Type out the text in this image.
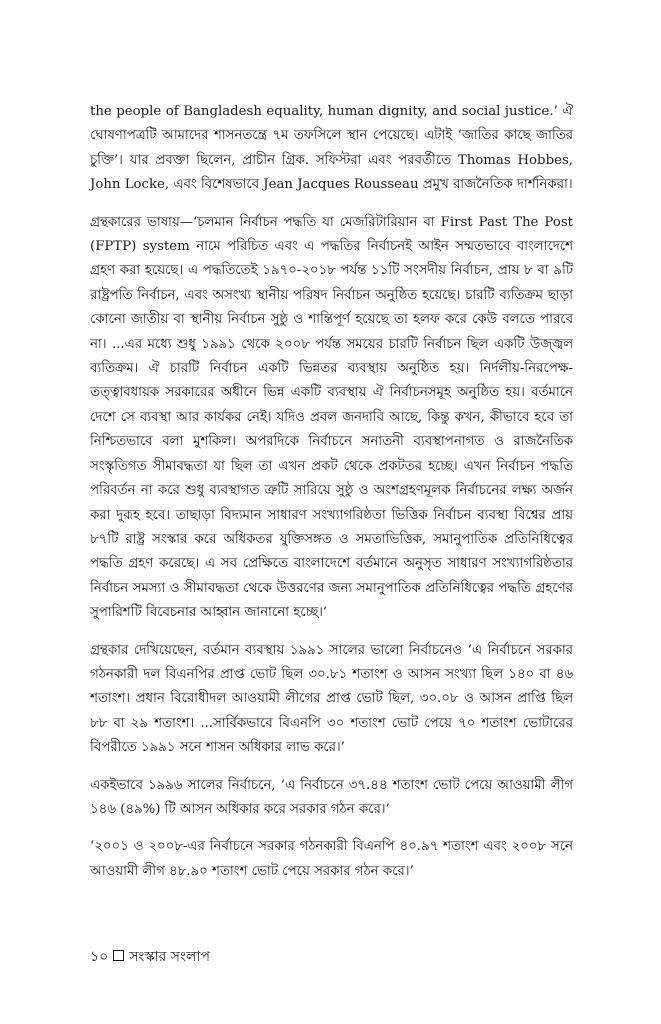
the people of Bangladesh equality, human dignity, and social justice.’ ঐ ঘোষণাপত্রটি আমাদের শাসনতন্ত্রে ৭ম তফসিলে স্থান পেয়েছে। এটাই ‘জাতির কাছে জাতির চুক্তি’। যার প্রবক্তা ছিলেন, প্রাচীন গ্রিক. সফিস্টরা এবং পরবর্তীতে Thomas Hobbes, John Locke, এবং বিশেষভাবে Jean Jacques Rousseau প্রমুখ রাজনৈতিক দার্শনিকরা।

গ্রন্থকারের ভাষায়—‘চলমান নির্বাচন পদ্ধতি যা মেজরিটারিয়ান বা First Past The Post (FPTP) system নামে পরিচিত এবং এ পদ্ধতির নির্বাচনই আইন সম্মতভাবে বাংলাদেশে গ্রহণ করা হয়েছে। এ পদ্ধতিতেই ১৯৭০-২০১৮ পর্যন্ত ১১টি সংসদীয় নির্বাচন, প্রায় ৮ বা ৯টি রাষ্ট্রপতি নির্বাচন, এবং অসংখ্য স্থানীয় পরিষদ নির্বাচন অনুষ্ঠিত হয়েছে। চারটি ব্যতিক্রম ছাড়া কোনো জাতীয় বা স্থানীয় নির্বাচন সুষ্ঠু ও শান্তিপূর্ণ হয়েছে তা হলফ করে কেউ বলতে পারবে না। ...এর মধ্যে শুধু ১৯৯১ থেকে ২০০৮ পর্যন্ত সময়ের চারটি নির্বাচন ছিল একটি উজ্জ্বল ব্যতিক্রম। ঐ চারটি নির্বাচন একটি ভিন্নতর ব্যবস্থায় অনুষ্ঠিত হয়। নির্দলীয়-নিরপেক্ষ-তত্ত্বাবধায়ক সরকারের অধীনে ভিন্ন একটি ব্যবস্থায় ঐ নির্বাচনসমূহ অনুষ্ঠিত হয়। বর্তমানে দেশে সে ব্যবস্থা আর কার্যকর নেই। যদিও প্রবল জনদাবি আছে, কিন্তু কখন, কীভাবে হবে তা নিশ্চিতভাবে বলা মুশকিল। অপরদিকে নির্বাচনে সনাতনী ব্যবস্থাপনাগত ও রাজনৈতিক সংস্কৃতিগত সীমাবদ্ধতা যা ছিল তা এখন প্রকট থেকে প্রকটতর হচ্ছে। এখন নির্বাচন পদ্ধতি পরিবর্তন না করে শুধু ব্যবস্থাগত ত্রুটি সারিয়ে সুষ্ঠু ও অংশগ্রহণমূলক নির্বাচনের লক্ষ্য অর্জন করা দুরূহ হবে। তাছাড়া বিদ্যমান সাধারণ সংখ্যাগরিষ্ঠতা ভিত্তিক নির্বাচন ব্যবস্থা বিশ্বের প্রায় ৮৭টি রাষ্ট্র সংস্কার করে অধিকতর যুক্তিসঙ্গত ও সমতাভিত্তিক, সমানুপাতিক প্রতিনিধিত্বের পদ্ধতি গ্রহণ করেছে। এ সব প্রেক্ষিতে বাংলাদেশে বর্তমানে অনুসৃত সাধারণ সংখ্যাগরিষ্ঠতার নির্বাচন সমস্যা ও সীমাবদ্ধতা থেকে উত্তরণের জন্য সমানুপাতিক প্রতিনিধিত্বের পদ্ধতি গ্রহণের সুপারিশটি বিবেচনার আহ্বান জানানো হচ্ছে।’

গ্রন্থকার দেখিয়েছেন, বর্তমান ব্যবস্থায় ১৯৯১ সালের ভালো নির্বাচনেও ‘এ নির্বাচনে সরকার গঠনকারী দল বিএনপির প্রাপ্ত ভোট ছিল ৩০.৮১ শতাংশ ও আসন সংখ্যা ছিল ১৪০ বা ৪৬ শতাংশ। প্রধান বিরোধীদল আওয়ামী লীগের প্রাপ্ত ভোট ছিল, ৩০.০৮ ও আসন প্রাপ্তি ছিল ৮৮ বা ২৯ শতাংশ। ...সার্বিকভাবে বিএনপি ৩০ শতাংশ ভোট পেয়ে ৭০ শতাংশ ভোটারের বিপরীতে ১৯৯১ সনে শাসন অধিকার লাভ করে।’

একইভাবে ১৯৯৬ সালের নির্বাচনে, ‘এ নির্বাচনে ৩৭.৪৪ শতাংশ ভোট পেয়ে আওয়ামী লীগ ১৪৬ (৪৯%) টি আসন অধিকার করে সরকার গঠন করে।’

‘২০০১ ও ২০০৮-এর নির্বাচনে সরকার গঠনকারী বিএনপি ৪০.৯৭ শতাংশ এবং ২০০৮ সনে আওয়ামী লীগ ৪৮.৯০ শতাংশ ভোট পেয়ে সরকার গঠন করে।’

১০ সংস্কার সংলাপ
